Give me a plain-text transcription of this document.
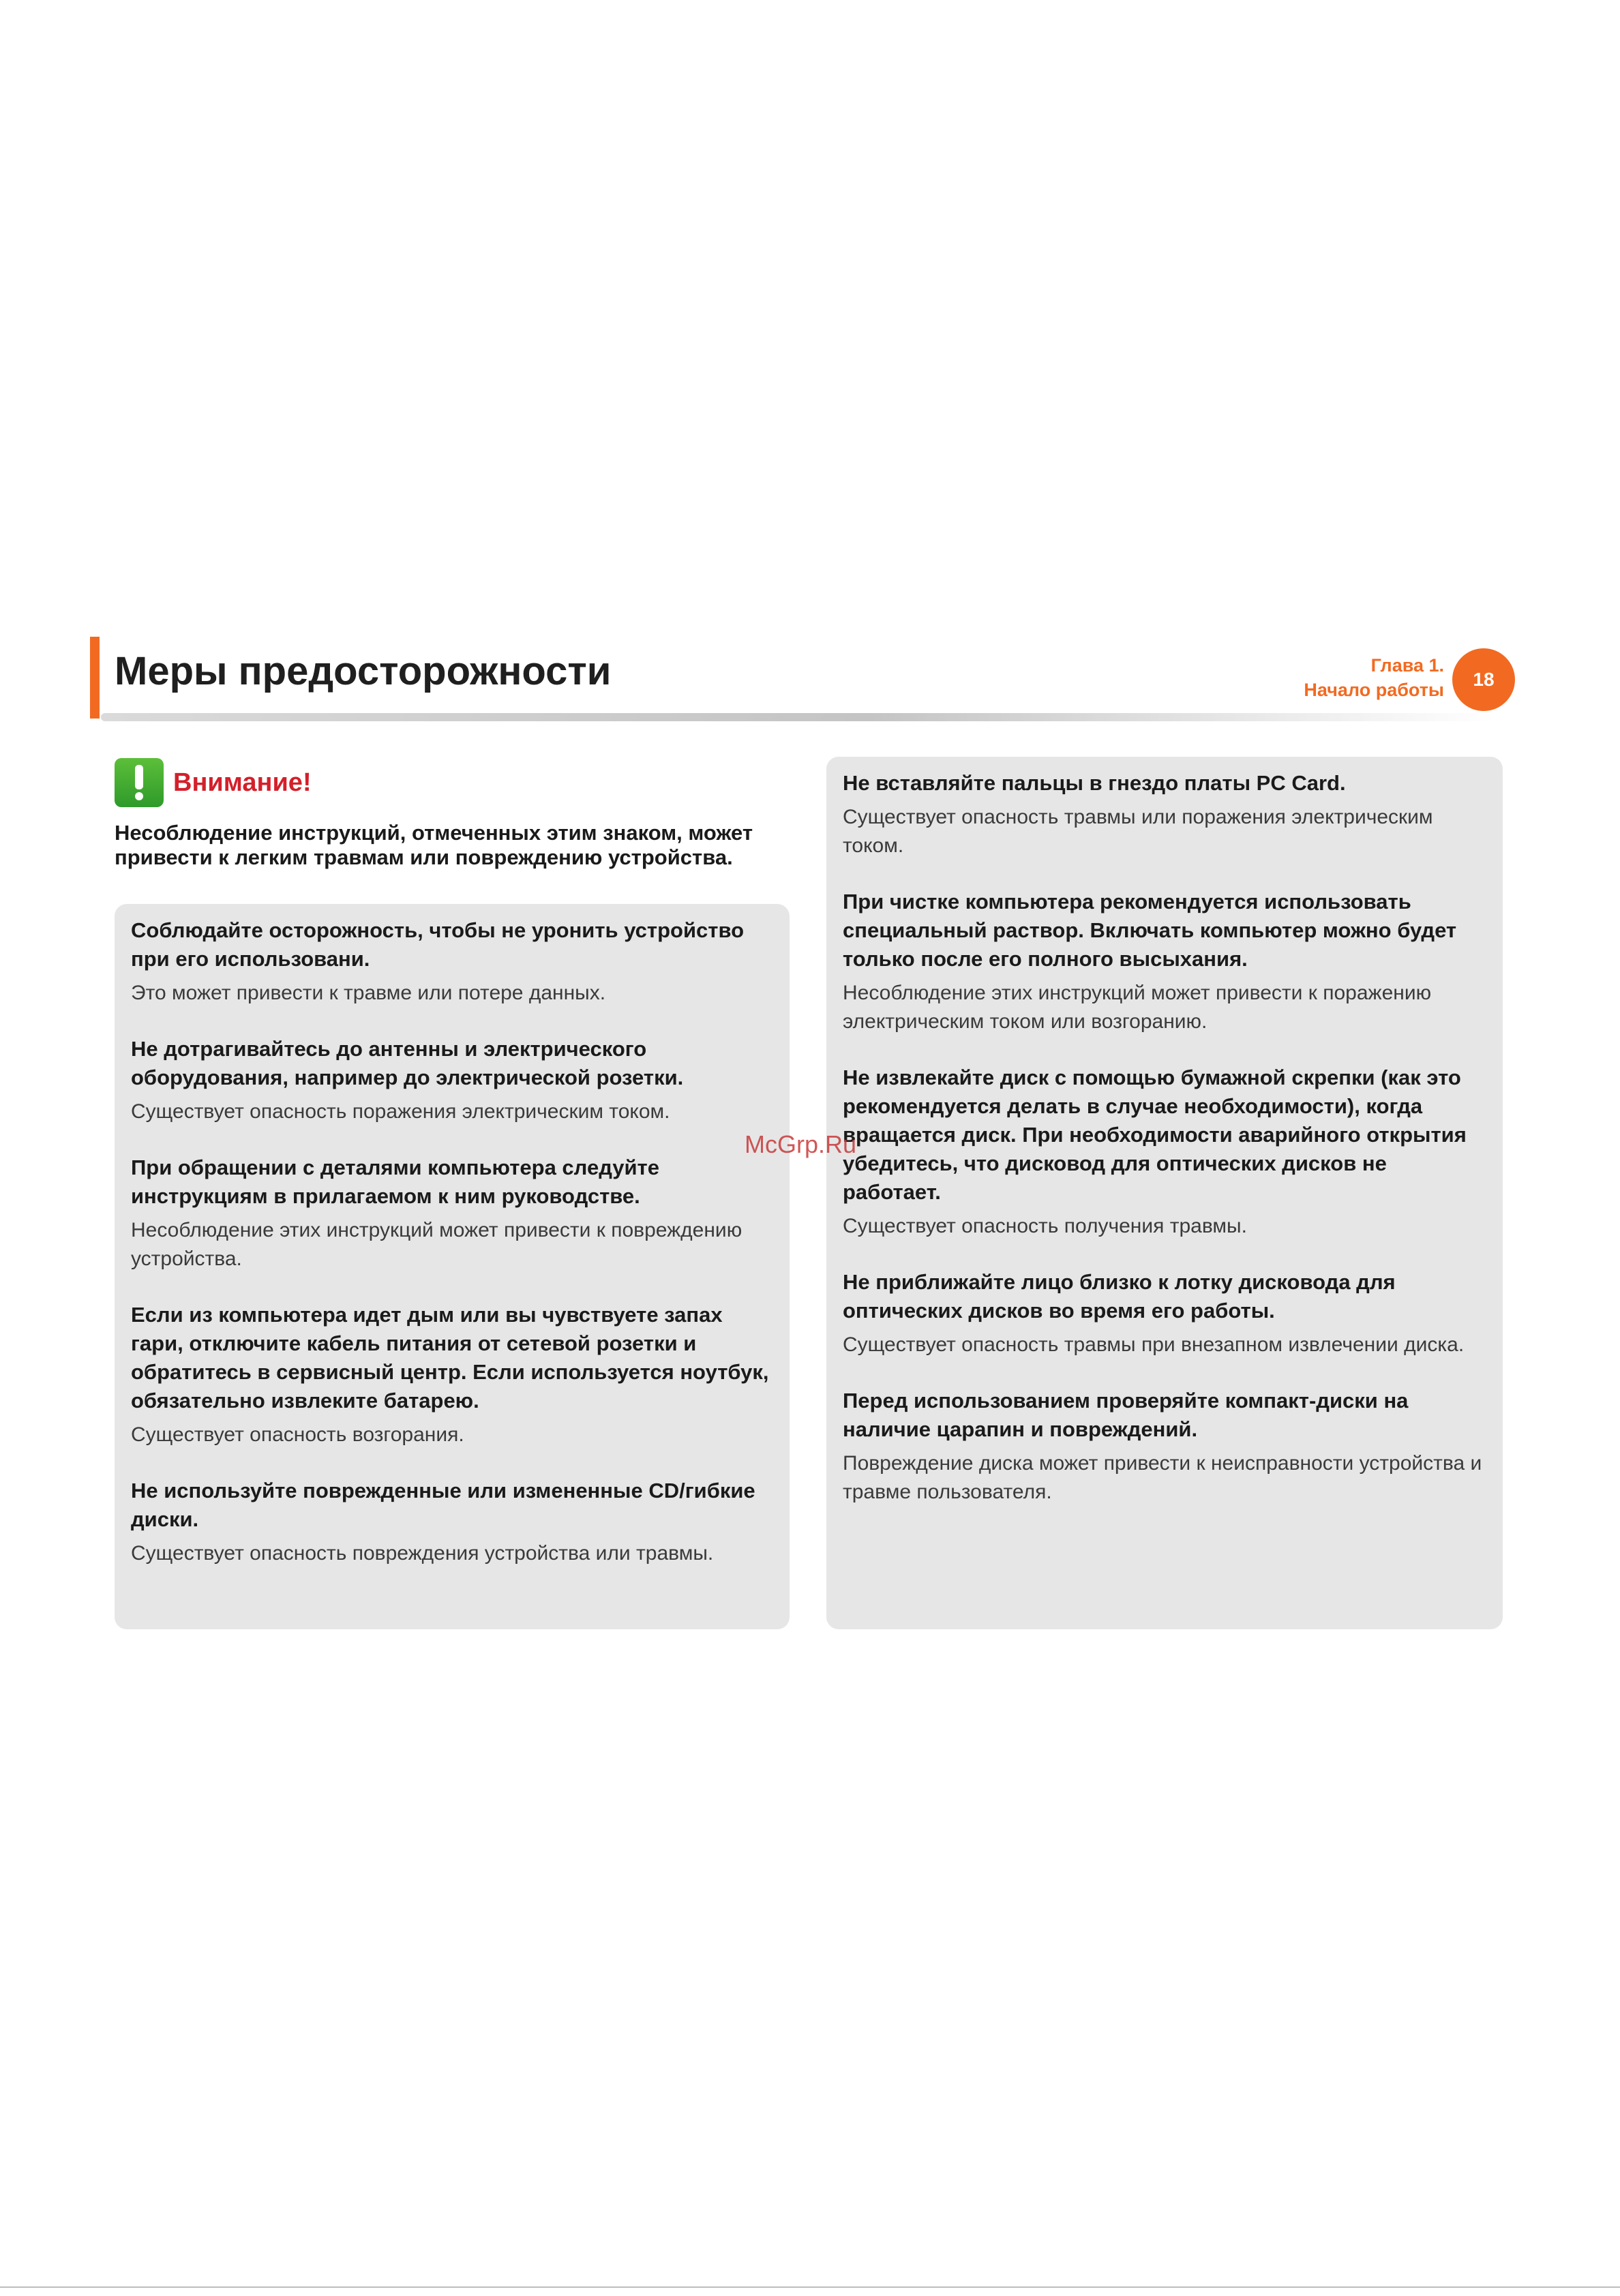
Меры предосторожности	Глава 1.
Начало работы	18
Внимание!
Несоблюдение инструкций, отмеченных этим знаком, может привести к легким травмам или повреждению устройства.
Соблюдайте осторожность, чтобы не уронить устройство при его использовани.
Это может привести к травме или потере данных.
Не дотрагивайтесь до антенны и электрического оборудования, например до электрической розетки.
Существует опасность поражения электрическим током.
При обращении с деталями компьютера следуйте инструкциям в прилагаемом к ним руководстве.
Несоблюдение этих инструкций может привести к повреждению устройства.
Если из компьютера идет дым или вы чувствуете запах гари, отключите кабель питания от сетевой розетки и обратитесь в сервисный центр. Если используется ноутбук, обязательно извлеките батарею.
Существует опасность возгорания.
Не используйте поврежденные или измененные CD/гибкие диски.
Существует опасность повреждения устройства или травмы.
Не вставляйте пальцы в гнездо платы PC Card.
Существует опасность травмы или поражения электрическим током.
При чистке компьютера рекомендуется использовать специальный раствор. Включать компьютер можно будет только после его полного высыхания.
Несоблюдение этих инструкций может привести к поражению электрическим током или возгоранию.
Не извлекайте диск с помощью бумажной скрепки (как это рекомендуется делать в случае необходимости), когда вращается диск. При необходимости аварийного открытия убедитесь, что дисковод для оптических дисков не работает.
Существует опасность получения травмы.
Не приближайте лицо близко к лотку дисковода для оптических дисков во время его работы.
Существует опасность травмы при внезапном извлечении диска.
Перед использованием проверяйте компакт-диски на наличие царапин и повреждений.
Повреждение диска может привести к неисправности устройства и травме пользователя.
McGrp.Ru
